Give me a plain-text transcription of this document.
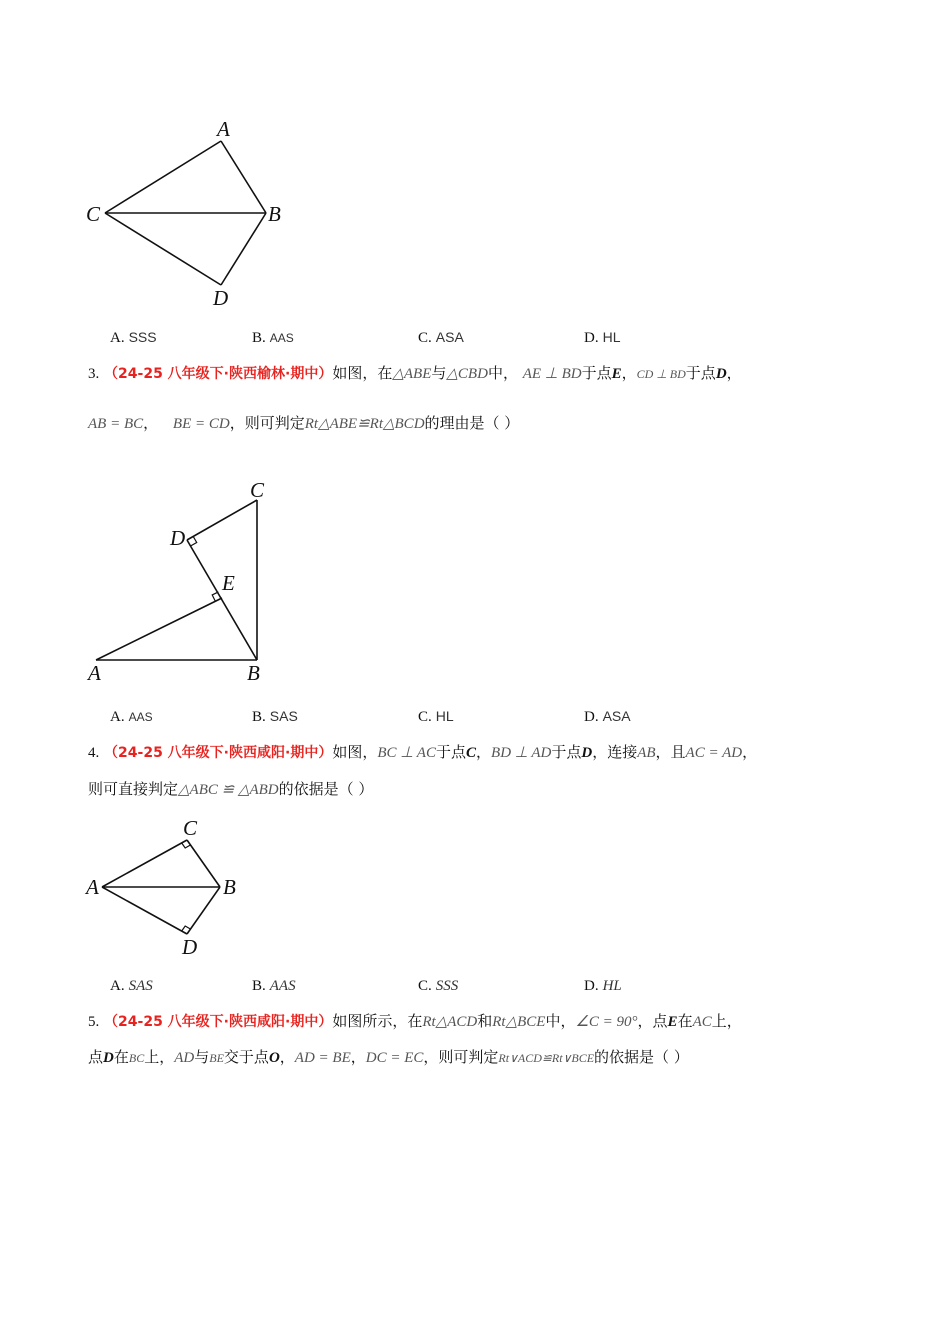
A
B
C
D
A. SSS	B. AAS	C. ASA	D. HL
3. （24-25 八年级下·陕西榆林·期中）如图，在△ABE与△CBD中， AE ⊥ BD于点E，CD ⊥ BD于点D，
AB = BC， BE = CD，则可判定Rt△ABE≌Rt△BCD的理由是（ ）
C
D
E
A	B
A. AAS	B. SAS	C. HL	D. ASA
4. （24-25 八年级下·陕西咸阳·期中）如图，BC ⊥ AC于点C，BD ⊥ AD于点D，连接AB，且AC = AD，
则可直接判定△ABC ≌ △ABD的依据是（ ）
C
A	B
D
A. SAS	B. AAS	C. SSS	D. HL
5. （24-25 八年级下·陕西咸阳·期中）如图所示，在Rt△ACD和Rt△BCE中，∠C = 90°，点E在AC上，
点D在BC上，AD与BE交于点O，AD = BE，DC = EC，则可判定Rt∨ACD≌Rt∨BCE的依据是（ ）
